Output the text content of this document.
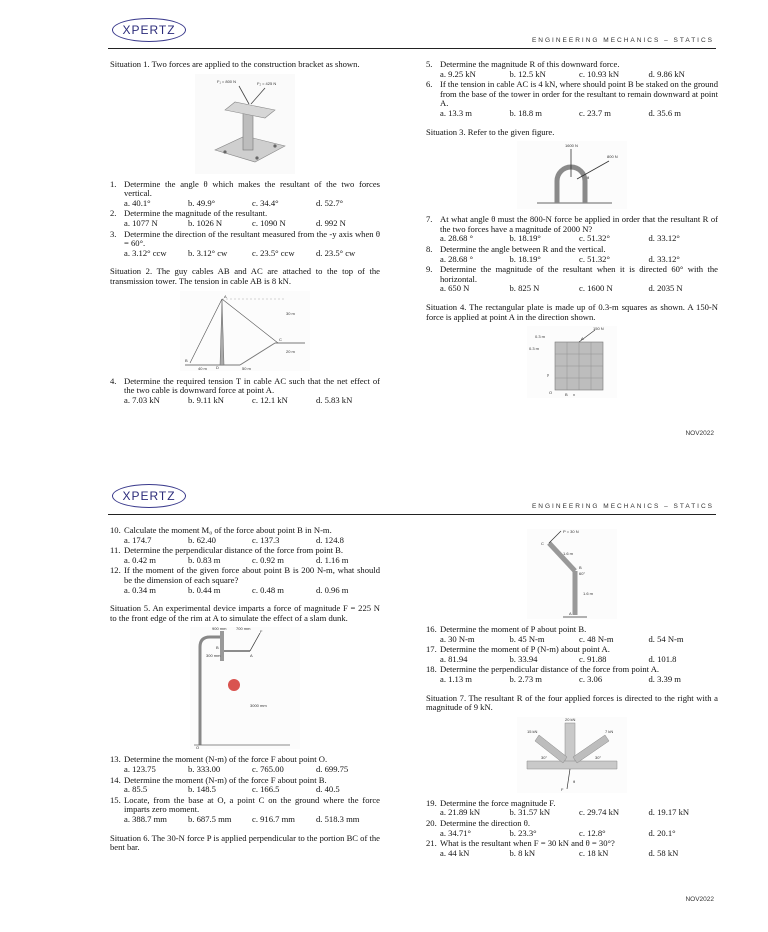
XPERTZ
ENGINEERING MECHANICS – STATICS

Situation 1. Two forces are applied to the construction bracket as shown.

F₁ = 800 N	F₂ = 425 N
1. Determine the angle θ which makes the resultant of the two forces vertical.
a. 40.1°	b. 49.9°	c. 34.4°	d. 52.7°
2. Determine the magnitude of the resultant.
a. 1077 N	b. 1026 N	c. 1090 N	d. 992 N
3. Determine the direction of the resultant measured from the -y axis when θ = 60°.
a. 3.12° ccw	b. 3.12° cw	c. 23.5° ccw	d. 23.5° cw

Situation 2. The guy cables AB and AC are attached to the top of the transmission tower. The tension in cable AB is 8 kN.

A
B
C
D
40 m	50 m
30 m
20 m
4. Determine the required tension T in cable AC such that the net effect of the two cable is downward force at point A.
a. 7.03 kN	b. 9.11 kN	c. 12.1 kN	d. 5.83 kN
5. Determine the magnitude R of this downward force.
a. 9.25 kN	b. 12.5 kN	c. 10.93 kN	d. 9.86 kN
6. If the tension in cable AC is 4 kN, where should point B be staked on the ground from the base of the tower in order for the resultant to remain downward at point A.
a. 13.3 m	b. 18.8 m	c. 23.7 m	d. 35.6 m

Situation 3. Refer to the given figure.

1600 N
800 N
θ
7. At what angle θ must the 800-N force be applied in order that the resultant R of the two forces have a magnitude of 2000 N?
a. 28.68 °	b. 18.19°	c. 51.32°	d. 33.12°
8. Determine the angle between R and the vertical.
a. 28.68 °	b. 18.19°	c. 51.32°	d. 33.12°
9. Determine the magnitude of the resultant when it is directed 60° with the horizontal.
a. 650 N	b. 825 N	c. 1600 N	d. 2035 N

Situation 4. The rectangular plate is made up of 0.3-m squares as shown. A 150-N force is applied at point A in the direction shown.

150 N
0.3 m
0.3 m
A
B
O	x
y
NOV2022
XPERTZ
ENGINEERING MECHANICS – STATICS
10. Calculate the moment M₀ of the force about point B in N-m.
a. 174.7	b. 62.40	c. 137.3	d. 124.8
11. Determine the perpendicular distance of the force from point B.
a. 0.42 m	b. 0.83 m	c. 0.92 m	d. 1.16 m
12. If the moment of the given force about point B is 200 N-m, what should be the dimension of each square?
a. 0.34 m	b. 0.44 m	c. 0.48 m	d. 0.96 m

Situation 5. An experimental device imparts a force of magnitude F = 225 N to the front edge of the rim at A to simulate the effect of a slam dunk.

900 mm 700 mm
300 mm
3000 mm
A
B
O
F
13. Determine the moment (N-m) of the force F about point O.
a. 123.75	b. 333.00	c. 765.00	d. 699.75
14. Determine the moment (N-m) of the force F about point B.
a. 85.5	b. 148.5	c. 166.5	d. 40.5
15. Locate, from the base at O, a point C on the ground where the force imparts zero moment.
a. 388.7 mm	b. 687.5 mm	c. 916.7 mm	d. 518.3 mm

Situation 6. The 30-N force P is applied perpendicular to the portion BC of the bent bar.

P = 30 N
1.6 m
1.6 m
60°
A
B
C
16. Determine the moment of P about point B.
a. 30 N-m	b. 45 N-m	c. 48 N-m	d. 54 N-m
17. Determine the moment of P (N-m) about point A.
a. 81.94	b. 33.94	c. 91.88	d. 101.8
18. Determine the perpendicular distance of the force from point A.
a. 1.13 m	b. 2.73 m	c. 3.06	d. 3.39 m

Situation 7. The resultant R of the four applied forces is directed to the right with a magnitude of 9 kN.

20 kN
15 kN	7 kN
30°	30°
F
θ
19. Determine the force magnitude F.
a. 21.89 kN	b. 31.57 kN	c. 29.74 kN	d. 19.17 kN
20. Determine the direction θ.
a. 34.71°	b. 23.3°	c. 12.8°	d. 20.1°
21. What is the resultant when F = 30 kN and θ = 30°?
a. 44 kN	b. 8 kN	c. 18 kN	d. 58 kN
NOV2022
